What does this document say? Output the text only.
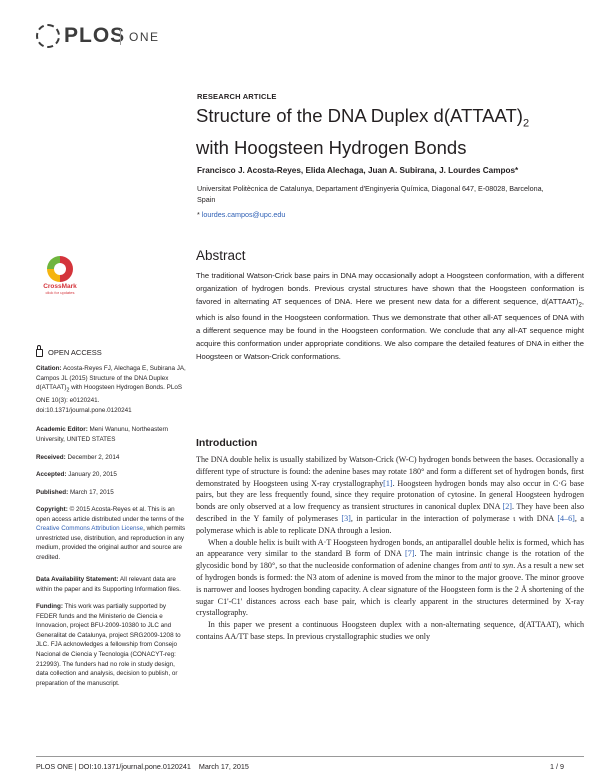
PLOS ONE
RESEARCH ARTICLE
Structure of the DNA Duplex $d(ATTAAT)_2$
with Hoogsteen Hydrogen Bonds
Francisco J. Acosta-Reyes, Elida Alechaga, Juan A. Subirana, J. Lourdes Campos*
Universitat Politècnica de Catalunya, Departament d'Enginyeria Química, Diagonal 647, E-08028, Barcelona, Spain
* lourdes.campos@upc.edu
CrossMark
click for updates
Abstract
The traditional Watson-Crick base pairs in DNA may occasionally adopt a Hoogsteen conformation, with a different organization of hydrogen bonds. Previous crystal structures have shown that the Hoogsteen conformation is favored in alternating AT sequences of DNA. Here we present new data for a different sequence, $d(ATTAAT)_2$, which is also found in the Hoogsteen conformation. Thus we demonstrate that other all-AT sequences of DNA with a different sequence may be found in the Hoogsteen conformation. We conclude that any all-AT sequence might acquire this conformation under appropriate conditions. We also compare the detailed features of DNA in either the Hoogsteen or Watson-Crick conformations.
OPEN ACCESS
Citation: Acosta-Reyes FJ, Alechaga E, Subirana JA, Campos JL (2015) Structure of the DNA Duplex $d(ATTAAT)_2$ with Hoogsteen Hydrogen Bonds. PLoS ONE 10(3): e0120241. doi:10.1371/journal.pone.0120241
Academic Editor: Meni Wanunu, Northeastern University, UNITED STATES
Received: December 2, 2014
Accepted: January 20, 2015
Published: March 17, 2015
Copyright: © 2015 Acosta-Reyes et al. This is an open access article distributed under the terms of the Creative Commons Attribution License, which permits unrestricted use, distribution, and reproduction in any medium, provided the original author and source are credited.
Data Availability Statement: All relevant data are within the paper and its Supporting Information files.
Funding: This work was partially supported by FEDER funds and the Ministerio de Ciencia e Innovacion, project BFU-2009-10380 to JLC and Generalitat de Catalunya, project SRG2009-1208 to JLC. FJA acknowledges a fellowship from Consejo Nacional de Ciencia y Tecnologia (CONACYT-reg: 212993). The funders had no role in study design, data collection and analysis, decision to publish, or preparation of the manuscript.
Introduction

The DNA double helix is usually stabilized by Watson-Crick (W-C) hydrogen bonds between the bases. Occasionally a different type of structure is found: the adenine bases may rotate 180° and form a different set of hydrogen bonds, first demonstrated by Hoogsteen using X-ray crystallography[1]. Hoogsteen hydrogen bonds may also occur in C·G base pairs, but they are less frequently found, since they require protonation of cytosine. In general Hoogsteen hydrogen bonds are only observed at a low frequency as transient structures in canonical duplex DNA [2]. They have been also described in the Y family of polymerases [3], in particular in the interaction of polymerase ι with DNA [4–6], a polymerase which is able to replicate DNA through a lesion.

When a double helix is built with A·T Hoogsteen hydrogen bonds, an antiparallel double helix is formed, which has an appearance very similar to the standard B form of DNA [7]. The main intrinsic change is the rotation of the glycosidic bond by 180°, so that the nucleoside conformation of adenine changes from anti to syn. As a result a new set of hydrogen bonds is formed: the N3 atom of adenine is moved from the minor to the major groove. The minor groove is narrower and looses hydrogen bonding capacity. A clear signature of the Hoogsteen form is the 2 Å shortening of the sugar C1'-C1' distances across each base pair, which is clearly apparent in the structures determined by X-ray crystallography.

In this paper we present a continuous Hoogsteen duplex with a non-alternating sequence, d(ATTAAT), which contains AA/TT base steps. In previous crystallographic studies we only

PLOS ONE | DOI:10.1371/journal.pone.0120241    March 17, 2015	1 / 9
